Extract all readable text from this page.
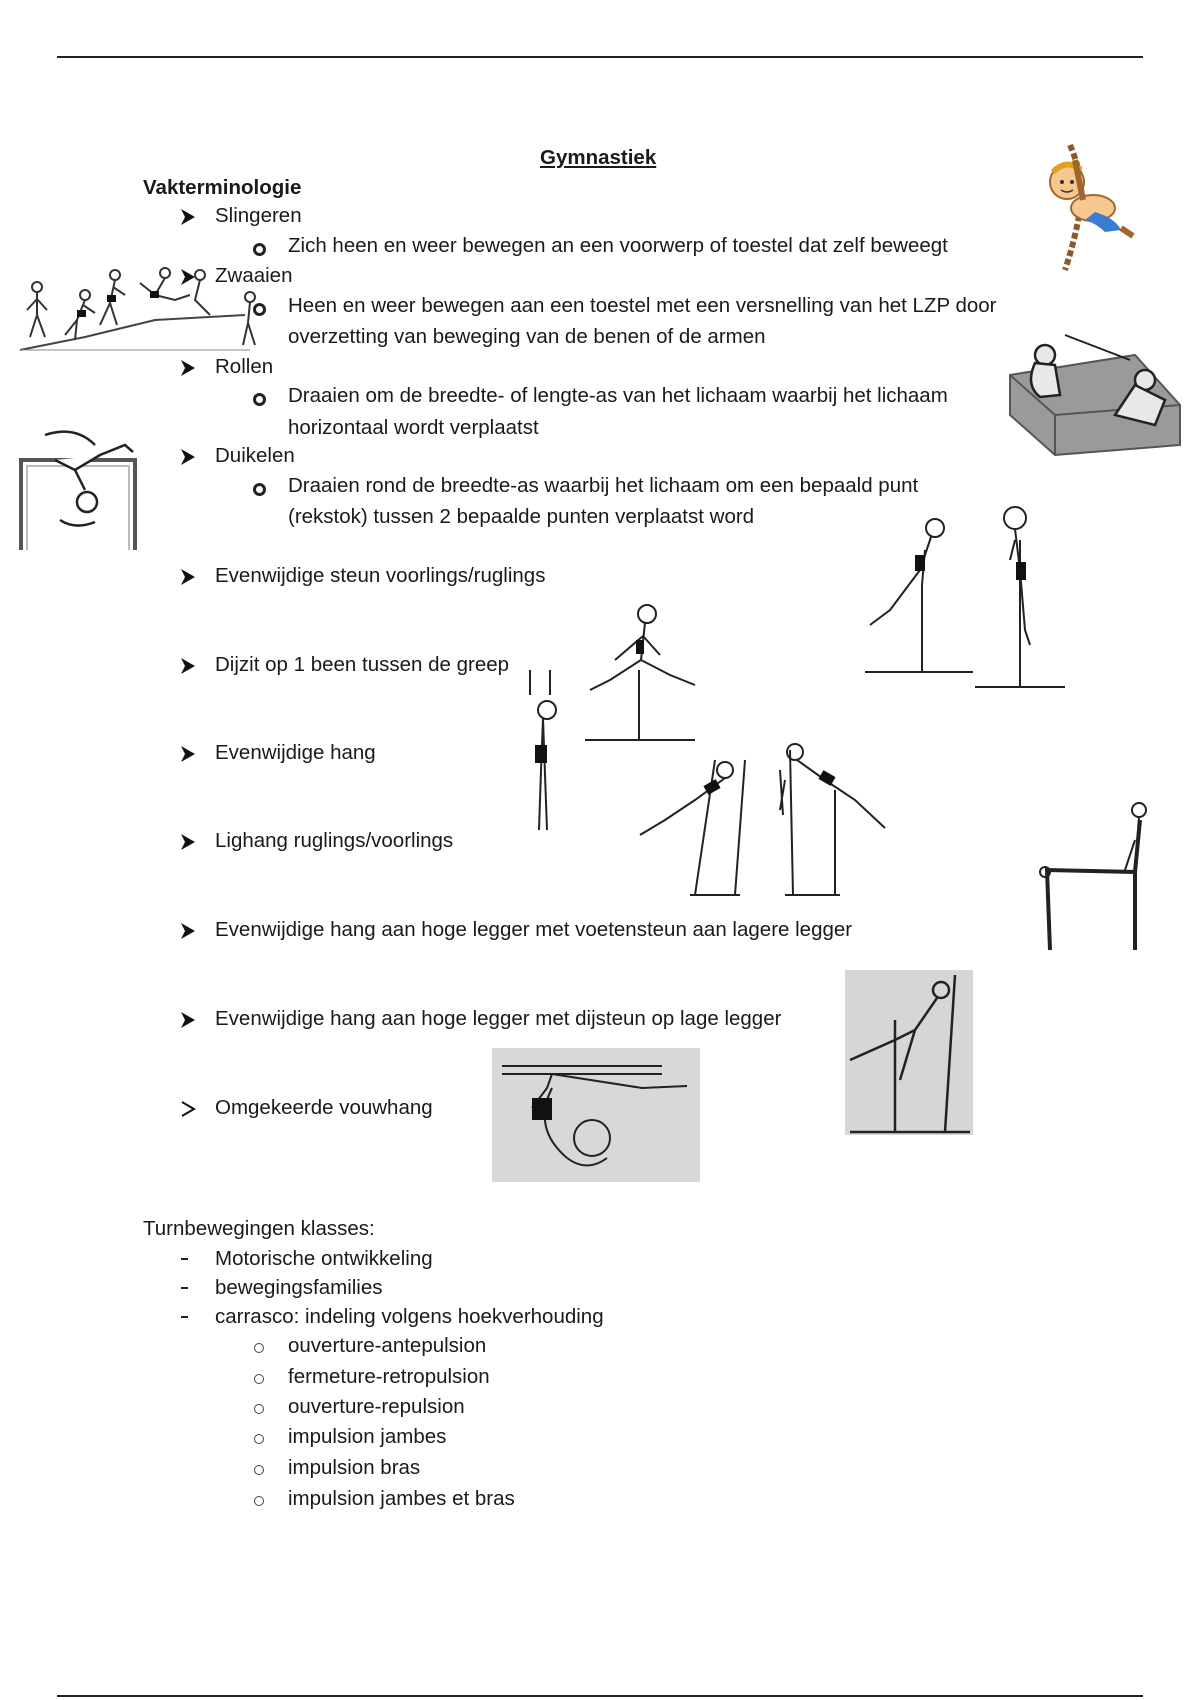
Gymnastiek
Vakterminologie
Slingeren
Zich heen en weer bewegen an een voorwerp of toestel dat zelf beweegt
Zwaaien
Heen en weer bewegen aan een toestel met een versnelling van het LZP door
overzetting van beweging van de benen of de armen
Rollen
Draaien om de breedte- of lengte-as van het lichaam waarbij het lichaam
horizontaal wordt verplaatst
Duikelen
Draaien rond de breedte-as waarbij het lichaam om een bepaald punt
(rekstok) tussen 2 bepaalde punten verplaatst word
Evenwijdige steun voorlings/ruglings
Dijzit op 1 been tussen de greep
Evenwijdige hang
Lighang ruglings/voorlings
Evenwijdige hang aan hoge legger met voetensteun aan lagere legger
Evenwijdige hang aan hoge legger met dijsteun op lage legger
Omgekeerde vouwhang
Turnbewegingen klasses:
Motorische ontwikkeling
bewegingsfamilies
carrasco: indeling volgens hoekverhouding
ouverture-antepulsion
fermeture-retropulsion
ouverture-repulsion
impulsion jambes
impulsion bras
impulsion jambes et bras
